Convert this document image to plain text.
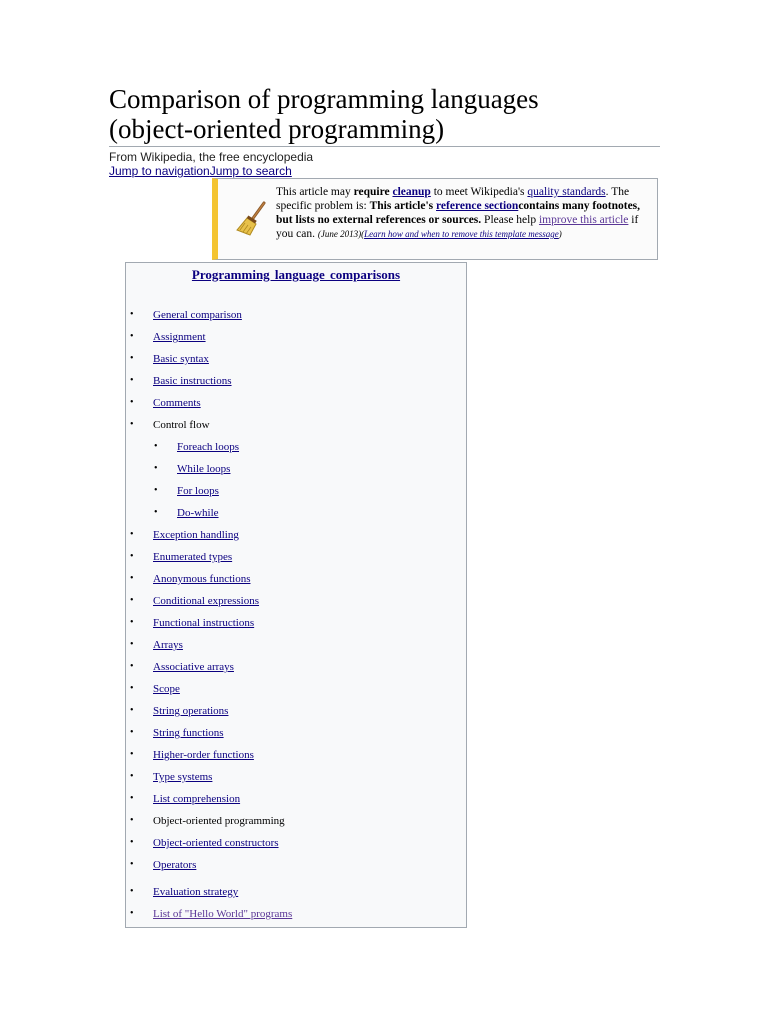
Comparison of programming languages
(object-oriented programming)
From Wikipedia, the free encyclopedia
Jump to navigationJump to search
This article may require cleanup to meet Wikipedia's quality standards. The specific problem is: This article's reference sectioncontains many footnotes, but lists no external references or sources. Please help improve this article if you can. (June 2013)(Learn how and when to remove this template message)
Programming language comparisons
• General comparison
• Assignment
• Basic syntax
• Basic instructions
• Comments
• Control flow
• Foreach loops
• While loops
• For loops
• Do-while
• Exception handling
• Enumerated types
• Anonymous functions
• Conditional expressions
• Functional instructions
• Arrays
• Associative arrays
• Scope
• String operations
• String functions
• Higher-order functions
• Type systems
• List comprehension
• Object-oriented programming
• Object-oriented constructors
• Operators
• Evaluation strategy
• List of "Hello World" programs
